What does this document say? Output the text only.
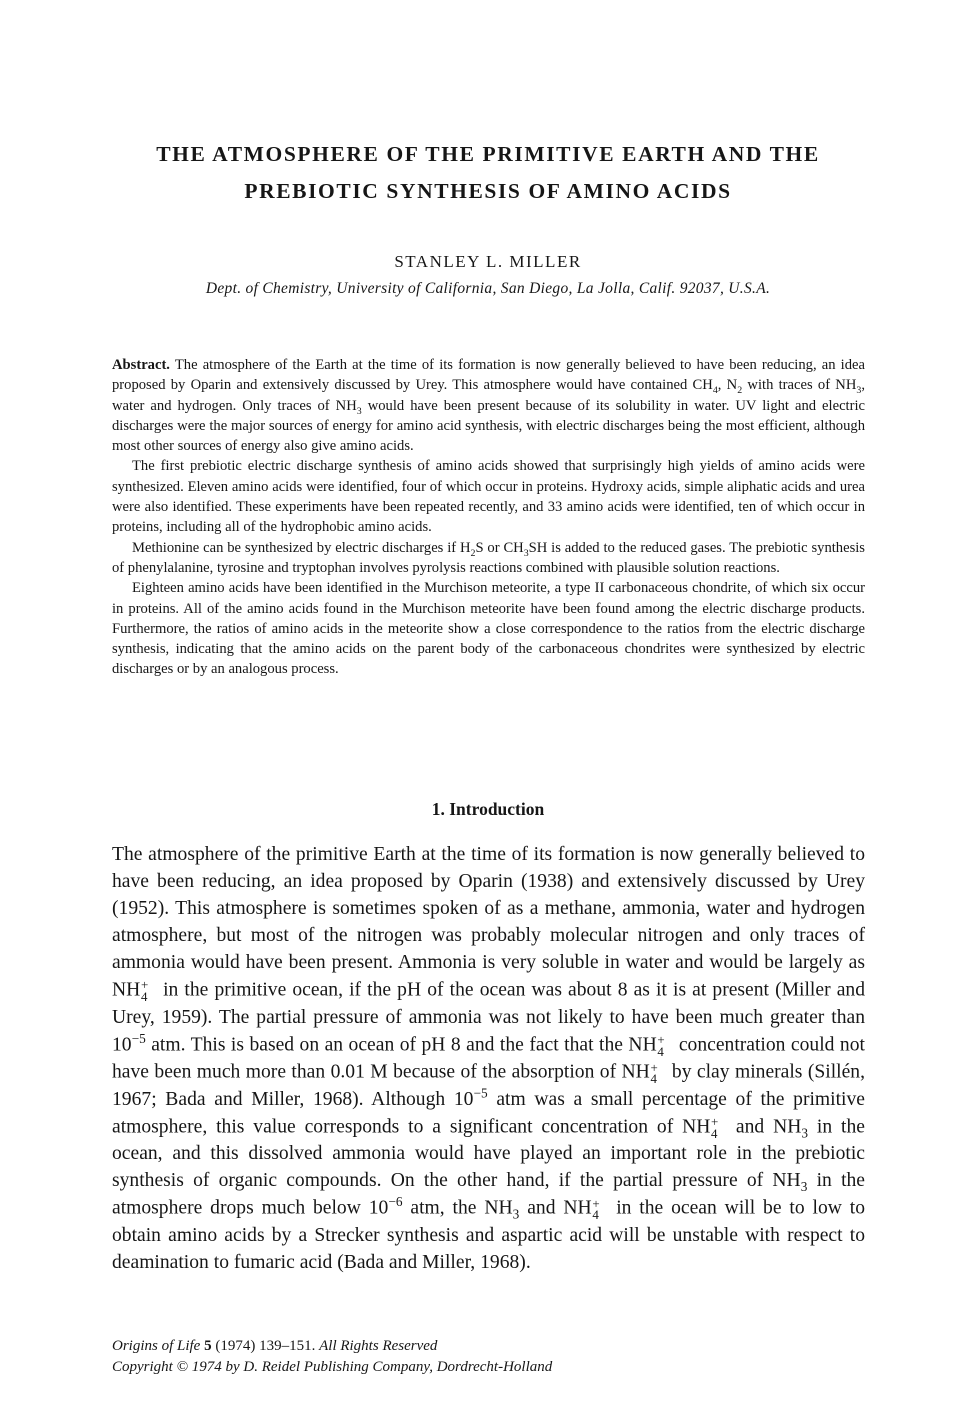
THE ATMOSPHERE OF THE PRIMITIVE EARTH AND THE
PREBIOTIC SYNTHESIS OF AMINO ACIDS
STANLEY L. MILLER
Dept. of Chemistry, University of California, San Diego, La Jolla, Calif. 92037, U.S.A.

Abstract. The atmosphere of the Earth at the time of its formation is now generally believed to have been reducing, an idea proposed by Oparin and extensively discussed by Urey. This atmosphere would have contained $CH_4$, $N_2$ with traces of $NH_3$, water and hydrogen. Only traces of $NH_3$ would have been present because of its solubility in water. UV light and electric discharges were the major sources of energy for amino acid synthesis, with electric discharges being the most efficient, although most other sources of energy also give amino acids.

The first prebiotic electric discharge synthesis of amino acids showed that surprisingly high yields of amino acids were synthesized. Eleven amino acids were identified, four of which occur in proteins. Hydroxy acids, simple aliphatic acids and urea were also identified. These experiments have been repeated recently, and 33 amino acids were identified, ten of which occur in proteins, including all of the hydrophobic amino acids.

Methionine can be synthesized by electric discharges if $H_2S$ or $CH_3SH$ is added to the reduced gases. The prebiotic synthesis of phenylalanine, tyrosine and tryptophan involves pyrolysis reactions combined with plausible solution reactions.

Eighteen amino acids have been identified in the Murchison meteorite, a type II carbonaceous chondrite, of which six occur in proteins. All of the amino acids found in the Murchison meteorite have been found among the electric discharge products. Furthermore, the ratios of amino acids in the meteorite show a close correspondence to the ratios from the electric discharge synthesis, indicating that the amino acids on the parent body of the carbonaceous chondrites were synthesized by electric discharges or by an analogous process.

1. Introduction

The atmosphere of the primitive Earth at the time of its formation is now generally believed to have been reducing, an idea proposed by Oparin (1938) and extensively discussed by Urey (1952). This atmosphere is sometimes spoken of as a methane, ammonia, water and hydrogen atmosphere, but most of the nitrogen was probably molecular nitrogen and only traces of ammonia would have been present. Ammonia is very soluble in water and would be largely as NH +
4 in the primitive ocean, if the pH of the ocean was about 8 as it is at present (Miller and Urey, 1959). The partial pressure of ammonia was not likely to have been much greater than $10^{-5}$ atm. This is based on an ocean of pH 8 and the fact that the NH +
4 concentration could not have been much more than 0.01 M because of the absorption of NH +
4 by clay minerals (Sillén, 1967; Bada and Miller, 1968). Although $10^{-5}$ atm was a small percentage of the primitive atmosphere, this value corresponds to a significant concentration of NH +
4 and $NH_3$ in the ocean, and this dissolved ammonia would have played an important role in the prebiotic synthesis of organic compounds. On the other hand, if the partial pressure of $NH_3$ in the atmosphere drops much below $10^{-6}$ atm, the $NH_3$ and NH +
4 in the ocean will be to low to obtain amino acids by a Strecker synthesis and aspartic acid will be unstable with respect to deamination to fumaric acid (Bada and Miller, 1968).

Origins of Life 5 (1974) 139–151. All Rights Reserved
Copyright © 1974 by D. Reidel Publishing Company, Dordrecht-Holland
